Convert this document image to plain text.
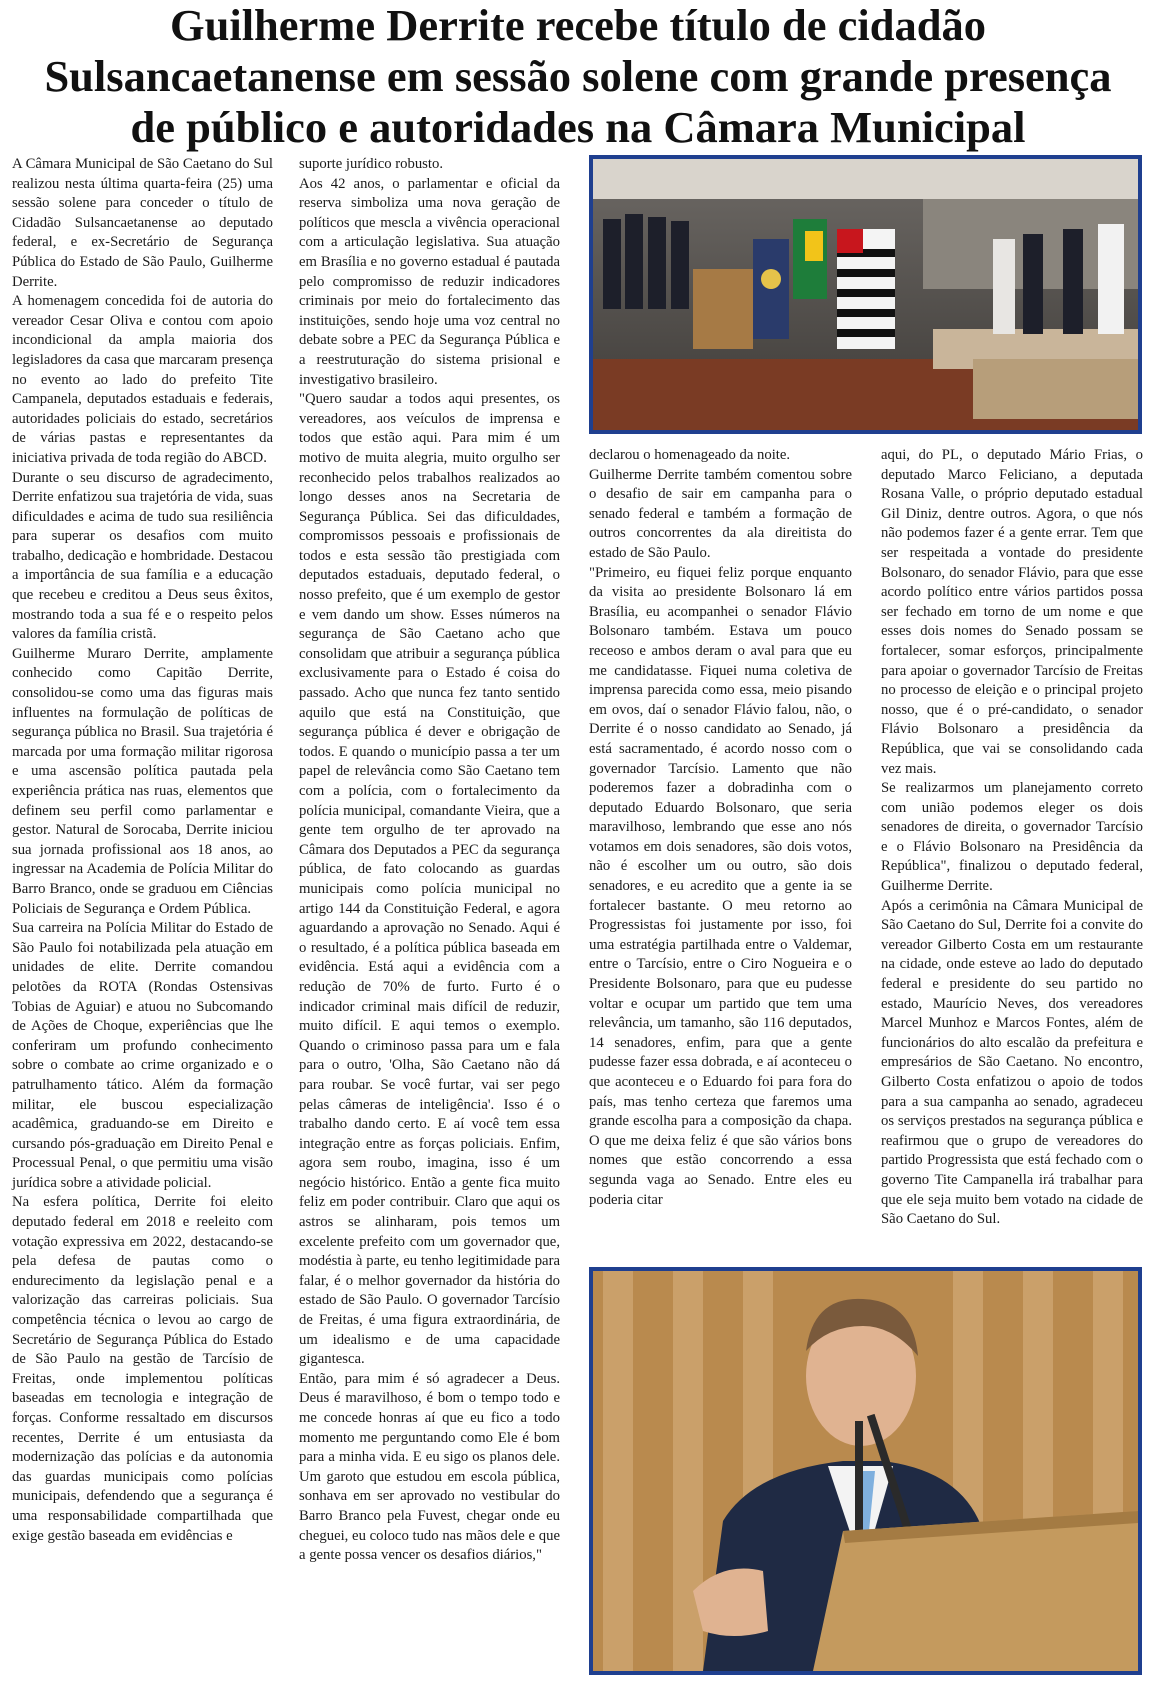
Guilherme Derrite recebe título de cidadão
Sulsancaetanense em sessão solene com grande presença
de público e autoridades na Câmara Municipal

A Câmara Municipal de São Caetano do Sul realizou nesta última quarta-feira (25) uma sessão solene para conceder o título de Cidadão Sulsancaetanense ao deputado federal, e ex-Secretário de Segurança Pública do Estado de São Paulo, Guilherme Derrite.

A homenagem concedida foi de autoria do vereador Cesar Oliva e contou com apoio incondicional da ampla maioria dos legisladores da casa que marcaram presença no evento ao lado do prefeito Tite Campanela, deputados estaduais e federais, autoridades policiais do estado, secretários de várias pastas e representantes da iniciativa privada de toda região do ABCD.

Durante o seu discurso de agradecimento, Derrite enfatizou sua trajetória de vida, suas dificuldades e acima de tudo sua resiliência para superar os desafios com muito trabalho, dedicação e hombridade. Destacou a importância de sua família e a educação que recebeu e creditou a Deus seus êxitos, mostrando toda a sua fé e o respeito pelos valores da família cristã.

Guilherme Muraro Derrite, amplamente conhecido como Capitão Derrite, consolidou-se como uma das figuras mais influentes na formulação de políticas de segurança pública no Brasil. Sua trajetória é marcada por uma formação militar rigorosa e uma ascensão política pautada pela experiência prática nas ruas, elementos que definem seu perfil como parlamentar e gestor. Natural de Sorocaba, Derrite iniciou sua jornada profissional aos 18 anos, ao ingressar na Academia de Polícia Militar do Barro Branco, onde se graduou em Ciências Policiais de Segurança e Ordem Pública.

Sua carreira na Polícia Militar do Estado de São Paulo foi notabilizada pela atuação em unidades de elite. Derrite comandou pelotões da ROTA (Rondas Ostensivas Tobias de Aguiar) e atuou no Subcomando de Ações de Choque, experiências que lhe conferiram um profundo conhecimento sobre o combate ao crime organizado e o patrulhamento tático. Além da formação militar, ele buscou especialização acadêmica, graduando-se em Direito e cursando pós-graduação em Direito Penal e Processual Penal, o que permitiu uma visão jurídica sobre a atividade policial.

Na esfera política, Derrite foi eleito deputado federal em 2018 e reeleito com votação expressiva em 2022, destacando-se pela defesa de pautas como o endurecimento da legislação penal e a valorização das carreiras policiais. Sua competência técnica o levou ao cargo de Secretário de Segurança Pública do Estado de São Paulo na gestão de Tarcísio de Freitas, onde implementou políticas baseadas em tecnologia e integração de forças. Conforme ressaltado em discursos recentes, Derrite é um entusiasta da modernização das polícias e da autonomia das guardas municipais como polícias municipais, defendendo que a segurança é uma responsabilidade compartilhada que exige gestão baseada em evidências e

suporte jurídico robusto.

Aos 42 anos, o parlamentar e oficial da reserva simboliza uma nova geração de políticos que mescla a vivência operacional com a articulação legislativa. Sua atuação em Brasília e no governo estadual é pautada pelo compromisso de reduzir indicadores criminais por meio do fortalecimento das instituições, sendo hoje uma voz central no debate sobre a PEC da Segurança Pública e a reestruturação do sistema prisional e investigativo brasileiro.

"Quero saudar a todos aqui presentes, os vereadores, aos veículos de imprensa e todos que estão aqui. Para mim é um motivo de muita alegria, muito orgulho ser reconhecido pelos trabalhos realizados ao longo desses anos na Secretaria de Segurança Pública. Sei das dificuldades, compromissos pessoais e profissionais de todos e esta sessão tão prestigiada com deputados estaduais, deputado federal, o nosso prefeito, que é um exemplo de gestor e vem dando um show. Esses números na segurança de São Caetano acho que consolidam que atribuir a segurança pública exclusivamente para o Estado é coisa do passado. Acho que nunca fez tanto sentido aquilo que está na Constituição, que segurança pública é dever e obrigação de todos. E quando o município passa a ter um papel de relevância como São Caetano tem com a polícia, com o fortalecimento da polícia municipal, comandante Vieira, que a gente tem orgulho de ter aprovado na Câmara dos Deputados a PEC da segurança pública, de fato colocando as guardas municipais como polícia municipal no artigo 144 da Constituição Federal, e agora aguardando a aprovação no Senado. Aqui é o resultado, é a política pública baseada em evidência. Está aqui a evidência com a redução de 70% de furto. Furto é o indicador criminal mais difícil de reduzir, muito difícil. E aqui temos o exemplo. Quando o criminoso passa para um e fala para o outro, 'Olha, São Caetano não dá para roubar. Se você furtar, vai ser pego pelas câmeras de inteligência'. Isso é o trabalho dando certo. E aí você tem essa integração entre as forças policiais. Enfim, agora sem roubo, imagina, isso é um negócio histórico. Então a gente fica muito feliz em poder contribuir. Claro que aqui os astros se alinharam, pois temos um excelente prefeito com um governador que, modéstia à parte, eu tenho legitimidade para falar, é o melhor governador da história do estado de São Paulo. O governador Tarcísio de Freitas, é uma figura extraordinária, de um idealismo e de uma capacidade gigantesca.

Então, para mim é só agradecer a Deus. Deus é maravilhoso, é bom o tempo todo e me concede honras aí que eu fico a todo momento me perguntando como Ele é bom para a minha vida. E eu sigo os planos dele. Um garoto que estudou em escola pública, sonhava em ser aprovado no vestibular do Barro Branco pela Fuvest, chegar onde eu cheguei, eu coloco tudo nas mãos dele e que a gente possa vencer os desafios diários,"

declarou o homenageado da noite.

Guilherme Derrite também comentou sobre o desafio de sair em campanha para o senado federal e também a formação de outros concorrentes da ala direitista do estado de São Paulo.

"Primeiro, eu fiquei feliz porque enquanto da visita ao presidente Bolsonaro lá em Brasília, eu acompanhei o senador Flávio Bolsonaro também. Estava um pouco receoso e ambos deram o aval para que eu me candidatasse. Fiquei numa coletiva de imprensa parecida como essa, meio pisando em ovos, daí o senador Flávio falou, não, o Derrite é o nosso candidato ao Senado, já está sacramentado, é acordo nosso com o governador Tarcísio. Lamento que não poderemos fazer a dobradinha com o deputado Eduardo Bolsonaro, que seria maravilhoso, lembrando que esse ano nós votamos em dois senadores, são dois votos, não é escolher um ou outro, são dois senadores, e eu acredito que a gente ia se fortalecer bastante. O meu retorno ao Progressistas foi justamente por isso, foi uma estratégia partilhada entre o Valdemar, entre o Tarcísio, entre o Ciro Nogueira e o Presidente Bolsonaro, para que eu pudesse voltar e ocupar um partido que tem uma relevância, um tamanho, são 116 deputados, 14 senadores, enfim, para que a gente pudesse fazer essa dobrada, e aí aconteceu o que aconteceu e o Eduardo foi para fora do país, mas tenho certeza que faremos uma grande escolha para a composição da chapa. O que me deixa feliz é que são vários bons nomes que estão concorrendo a essa segunda vaga ao Senado. Entre eles eu poderia citar

aqui, do PL, o deputado Mário Frias, o deputado Marco Feliciano, a deputada Rosana Valle, o próprio deputado estadual Gil Diniz, dentre outros. Agora, o que nós não podemos fazer é a gente errar. Tem que ser respeitada a vontade do presidente Bolsonaro, do senador Flávio, para que esse acordo político entre vários partidos possa ser fechado em torno de um nome e que esses dois nomes do Senado possam se fortalecer, somar esforços, principalmente para apoiar o governador Tarcísio de Freitas no processo de eleição e o principal projeto nosso, que é o pré-candidato, o senador Flávio Bolsonaro a presidência da República, que vai se consolidando cada vez mais.

Se realizarmos um planejamento correto com união podemos eleger os dois senadores de direita, o governador Tarcísio e o Flávio Bolsonaro na Presidência da República", finalizou o deputado federal, Guilherme Derrite.

Após a cerimônia na Câmara Municipal de São Caetano do Sul, Derrite foi a convite do vereador Gilberto Costa em um restaurante na cidade, onde esteve ao lado do deputado federal e presidente do seu partido no estado, Maurício Neves, dos vereadores Marcel Munhoz e Marcos Fontes, além de funcionários do alto escalão da prefeitura e empresários de São Caetano. No encontro, Gilberto Costa enfatizou o apoio de todos para a sua campanha ao senado, agradeceu os serviços prestados na segurança pública e reafirmou que o grupo de vereadores do partido Progressista que está fechado com o governo Tite Campanella irá trabalhar para que ele seja muito bem votado na cidade de São Caetano do Sul.
